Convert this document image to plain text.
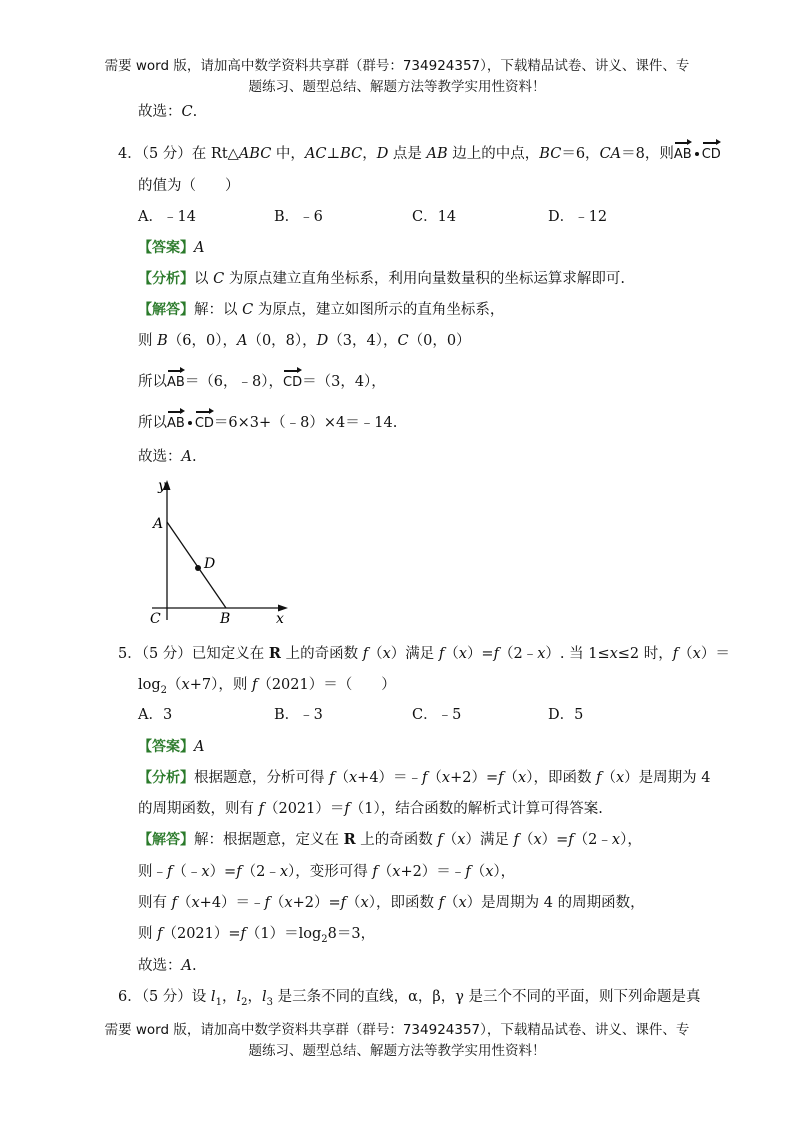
需要 word 版，请加高中数学资料共享群（群号：734924357），下载精品试卷、讲义、课件、专
题练习、题型总结、解题方法等教学实用性资料！
故选：C.
4．（5 分）在 Rt△ABC 中，AC⊥BC，D 点是 AB 边上的中点，BC＝6，CA＝8，则AB CD
的值为（　　）
A．﹣14	B．﹣6	C．14	D．﹣12
【答案】A
【分析】以 C 为原点建立直角坐标系，利用向量数量积的坐标运算求解即可.
【解答】解：以 C 为原点，建立如图所示的直角坐标系，
则 B（6，0），A（0，8），D（3，4），C（0，0）
所以AB＝（6，﹣8），CD＝（3，4），
所以AB CD＝6×3+（﹣8）×4＝﹣14.
故选：A.
y
A
D
C	B	x
5．（5 分）已知定义在 R 上的奇函数 f（x）满足 f（x）=f（2﹣x）. 当 1≤x≤2 时，f（x）＝
$\log_2(x+7)$，则 f（2021）＝（　　）
A．3	B．﹣3	C．﹣5	D．5
【答案】A
【分析】根据题意，分析可得 f（x+4）＝﹣f（x+2）=f（x），即函数 f（x）是周期为 4
的周期函数，则有 f（2021）＝f（1），结合函数的解析式计算可得答案.
【解答】解：根据题意，定义在 R 上的奇函数 f（x）满足 f（x）=f（2﹣x），
则﹣f（﹣x）=f（2﹣x），变形可得 f（x+2）＝﹣f（x），
则有 f（x+4）＝﹣f（x+2）=f（x），即函数 f（x）是周期为 4 的周期函数，
则 $f(2021)=f(1)=\log_28=3$，
故选：A.
6．（5 分）设 $l_1$，$l_2$，$l_3$ 是三条不同的直线，α，β，γ 是三个不同的平面，则下列命题是真
需要 word 版，请加高中数学资料共享群（群号：734924357），下载精品试卷、讲义、课件、专
题练习、题型总结、解题方法等教学实用性资料！
